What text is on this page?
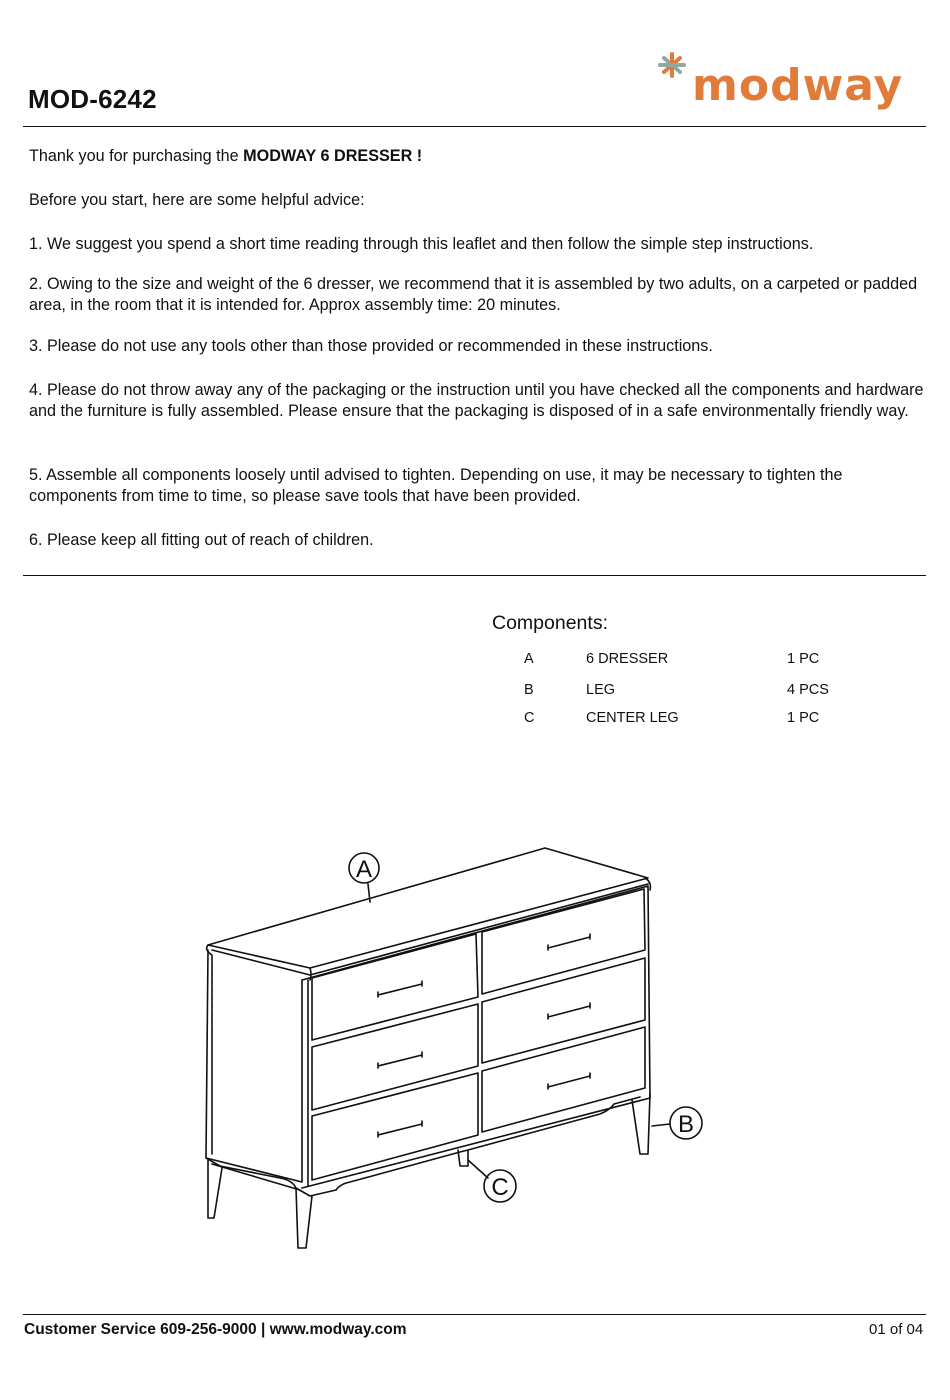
MOD-6242	modway
Thank you for purchasing the MODWAY 6 DRESSER !
Before you start, here are some helpful advice:
1. We suggest you spend a short time reading through this leaflet and then follow the simple step instructions.
2. Owing to the size and weight of the 6 dresser, we recommend that it is assembled by two adults, on a carpeted or padded area, in the room that it is intended for. Approx assembly time: 20 minutes.
3. Please do not use any tools other than those provided or recommended in these instructions.
4. Please do not throw away any of the packaging or the instruction until you have checked all the components and hardware and the furniture is fully assembled. Please ensure that the packaging is disposed of in a safe environmentally friendly way.
5. Assemble all components loosely until advised to tighten. Depending on use, it may be necessary to tighten the components from time to time, so please save tools that have been provided.
6. Please keep all fitting out of reach of children.
Components:
A	6 DRESSER	1 PC
B	LEG	4 PCS
C	CENTER LEG	1 PC
A
B
C
Customer Service 609-256-9000 | www.modway.com	01 of 04
